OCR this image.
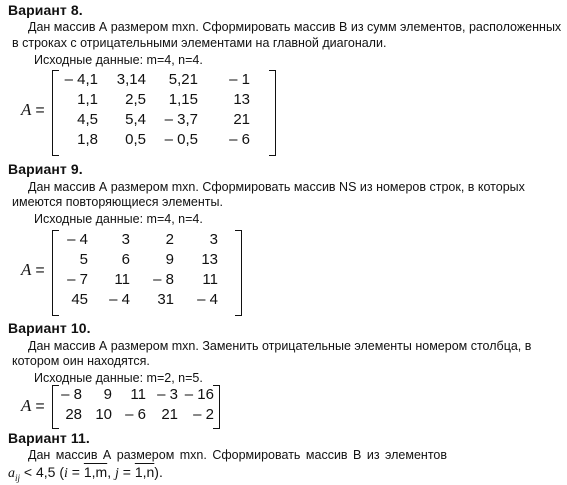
Вариант 8.
Дан массив А размером mxn. Сформировать массив В из сумм элементов, расположенных
в строках с отрицательными элементами на главной диагонали.
Исходные данные: m=4, n=4.
A =
– 4,1	3,14	5,21	– 1
1,1	2,5	1,15	13
4,5	5,4	– 3,7	21
1,8	0,5	– 0,5	– 6
Вариант 9.
Дан массив А размером mxn. Сформировать массив NS из номеров строк, в которых
имеются повторяющиеся элементы.
Исходные данные: m=4, n=4.
A =
– 4	3	2	3
5	6	9	13
– 7	11	– 8	11
45	– 4	31	– 4
Вариант 10.
Дан массив А размером mxn. Заменить отрицательные элементы номером столбца, в
котором оин находятся.
Исходные данные: m=2, n=5.
A =
– 8	9	11	– 3	– 16
28	10	– 6	21	– 2
Вариант 11.
Дан массив А размером mxn. Сформировать массив В из элементов
$a_{ij} < 4,5$ (i = 1,m, j = 1,n).
